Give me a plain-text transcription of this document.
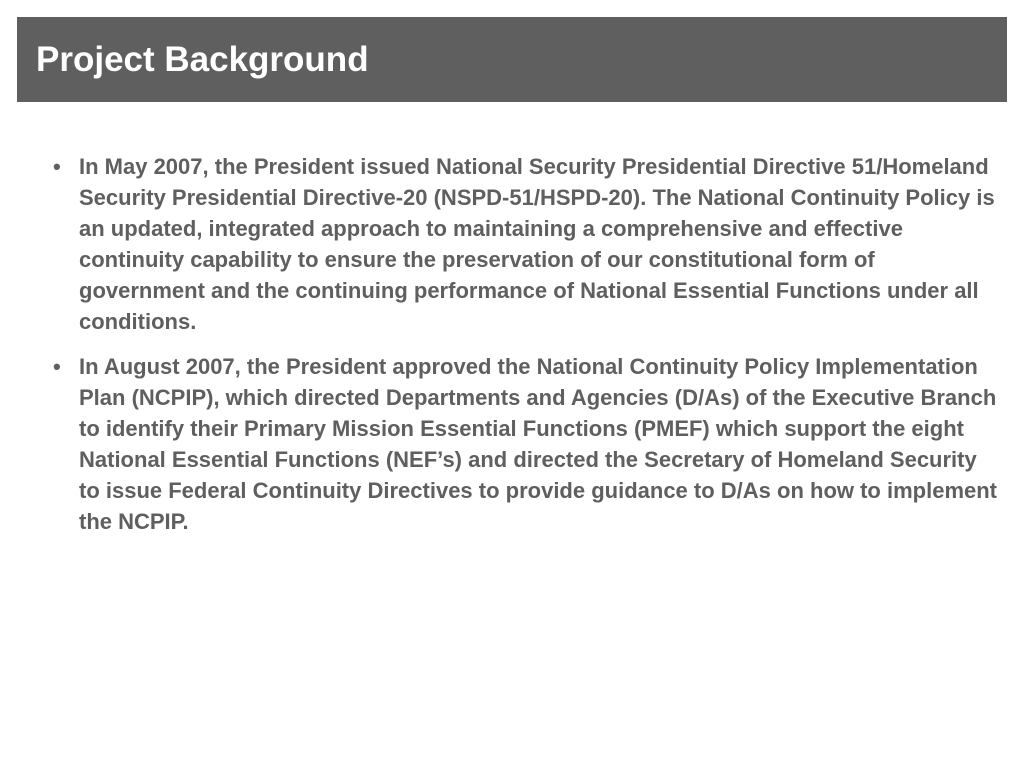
Project Background
• In May 2007, the President issued National Security Presidential Directive 51/Homeland Security Presidential Directive-20 (NSPD-51/HSPD-20). The National Continuity Policy is an updated, integrated approach to maintaining a comprehensive and effective continuity capability to ensure the preservation of our constitutional form of government and the continuing performance of National Essential Functions under all conditions.
• In August 2007, the President approved the National Continuity Policy Implementation Plan (NCPIP), which directed Departments and Agencies (D/As) of the Executive Branch to identify their Primary Mission Essential Functions (PMEF) which support the eight National Essential Functions (NEF’s) and directed the Secretary of Homeland Security to issue Federal Continuity Directives to provide guidance to D/As on how to implement the NCPIP.
